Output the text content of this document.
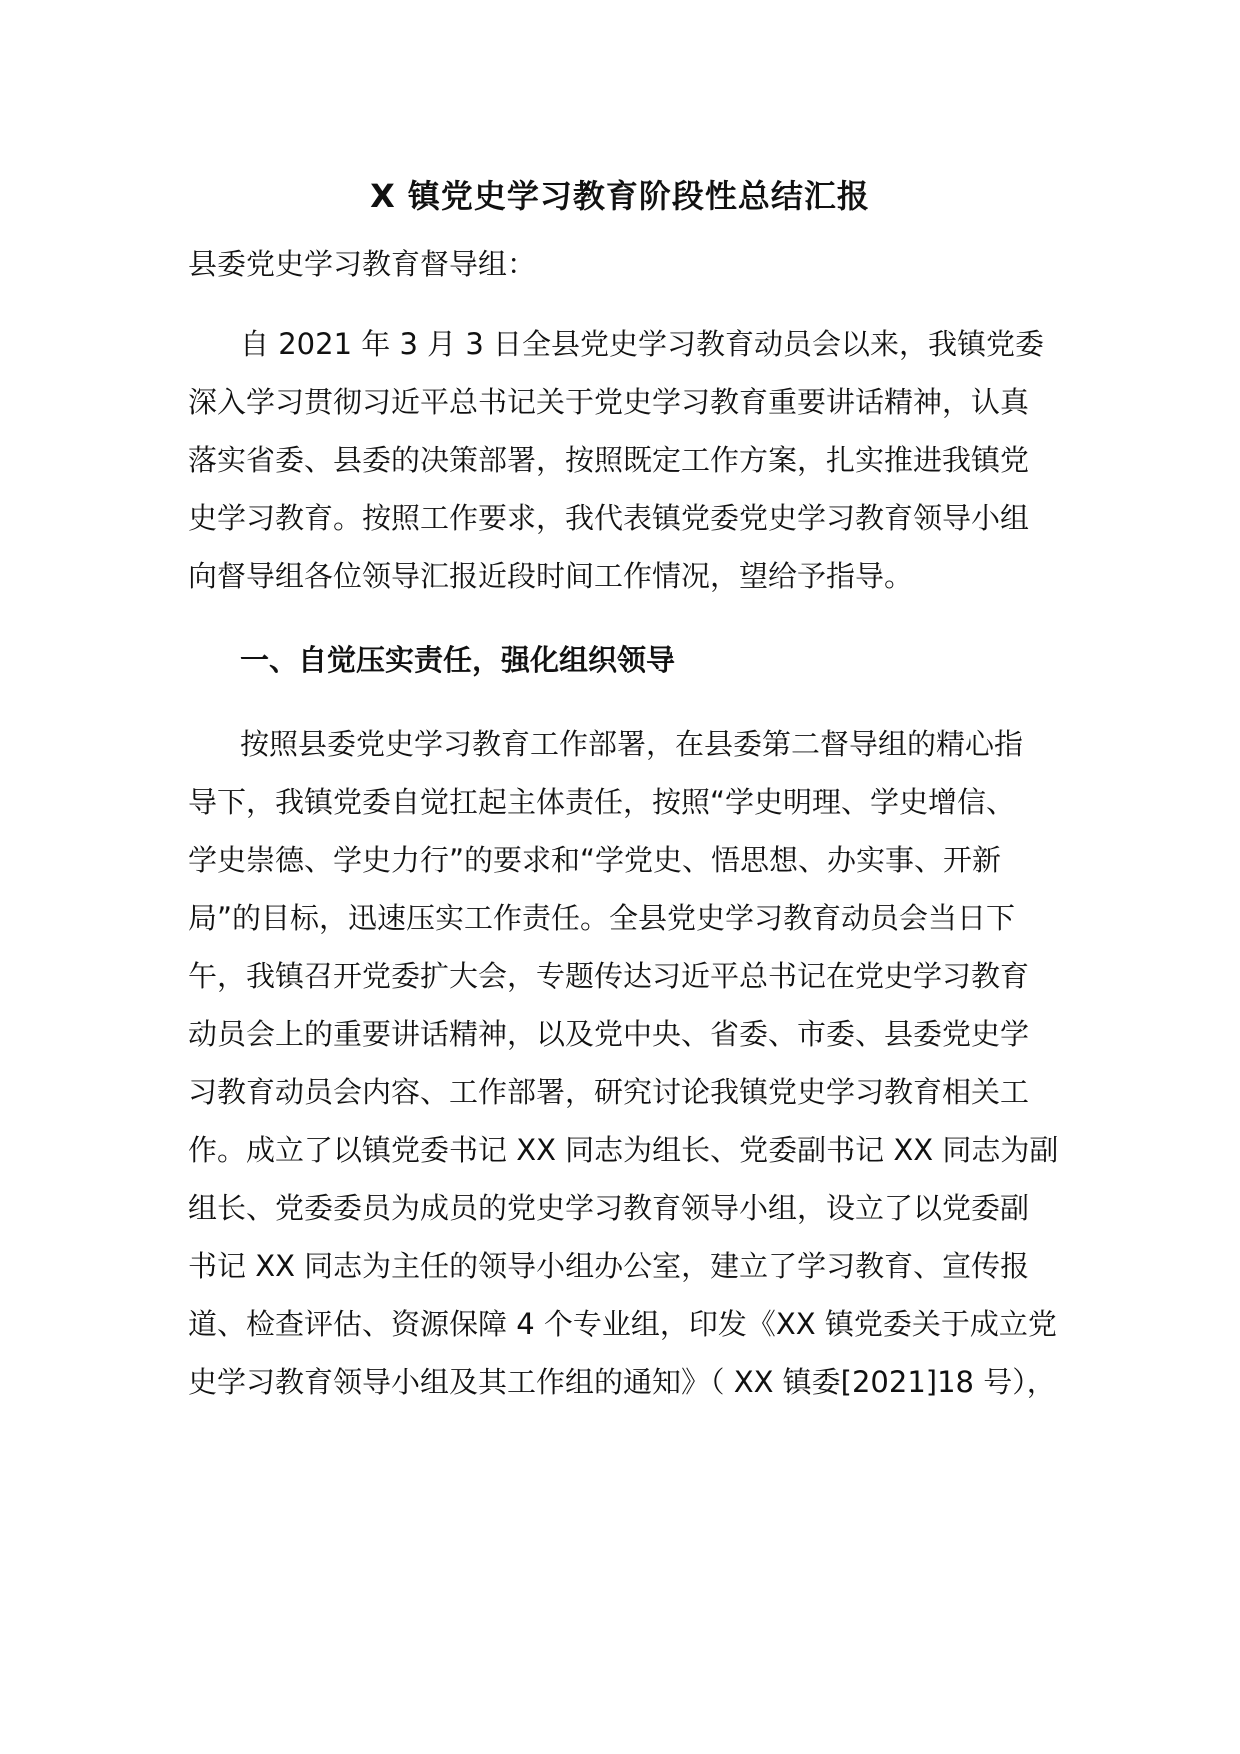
X 镇党史学习教育阶段性总结汇报
县委党史学习教育督导组：
自 2021 年 3 月 3 日全县党史学习教育动员会以来，我镇党委
深入学习贯彻习近平总书记关于党史学习教育重要讲话精神，认真
落实省委、县委的决策部署，按照既定工作方案，扎实推进我镇党
史学习教育。按照工作要求，我代表镇党委党史学习教育领导小组
向督导组各位领导汇报近段时间工作情况，望给予指导。
一、自觉压实责任，强化组织领导
按照县委党史学习教育工作部署，在县委第二督导组的精心指
导下，我镇党委自觉扛起主体责任，按照“学史明理、学史增信、
学史崇德、学史力行”的要求和“学党史、悟思想、办实事、开新
局”的目标，迅速压实工作责任。全县党史学习教育动员会当日下
午，我镇召开党委扩大会，专题传达习近平总书记在党史学习教育
动员会上的重要讲话精神，以及党中央、省委、市委、县委党史学
习教育动员会内容、工作部署，研究讨论我镇党史学习教育相关工
作。成立了以镇党委书记 XX 同志为组长、党委副书记 XX 同志为副
组长、党委委员为成员的党史学习教育领导小组，设立了以党委副
书记 XX 同志为主任的领导小组办公室，建立了学习教育、宣传报
道、检查评估、资源保障 4 个专业组，印发《XX 镇党委关于成立党
史学习教育领导小组及其工作组的通知》（ XX 镇委[2021]18 号），
